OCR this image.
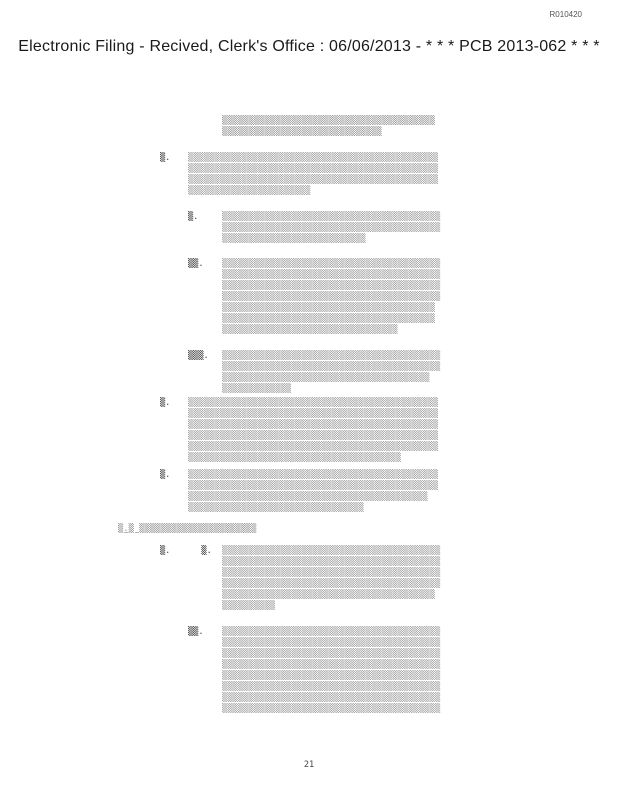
R010420
Electronic Filing - Recived, Clerk's Office : 06/06/2013 - * * * PCB 2013-062 * * *
▒▒▒▒▒▒▒▒▒▒▒▒▒▒▒▒▒▒▒▒▒▒▒▒▒▒▒▒▒▒▒▒▒▒▒▒▒▒▒▒
▒▒▒▒▒▒▒▒▒▒▒▒▒▒▒▒▒▒▒▒▒▒▒▒▒▒▒▒▒▒
▒. ▒▒▒▒▒▒▒▒▒▒▒▒▒▒▒▒▒▒▒▒▒▒▒▒▒▒▒▒▒▒▒▒▒▒▒▒▒▒▒▒▒▒▒▒▒▒▒
▒▒▒▒▒▒▒▒▒▒▒▒▒▒▒▒▒▒▒▒▒▒▒▒▒▒▒▒▒▒▒▒▒▒▒▒▒▒▒▒▒▒▒▒▒▒▒
▒▒▒▒▒▒▒▒▒▒▒▒▒▒▒▒▒▒▒▒▒▒▒▒▒▒▒▒▒▒▒▒▒▒▒▒▒▒▒▒▒▒▒▒▒▒▒
▒▒▒▒▒▒▒▒▒▒▒▒▒▒▒▒▒▒▒▒▒▒▒
▒.	▒▒▒▒▒▒▒▒▒▒▒▒▒▒▒▒▒▒▒▒▒▒▒▒▒▒▒▒▒▒▒▒▒▒▒▒▒▒▒▒▒
▒▒▒▒▒▒▒▒▒▒▒▒▒▒▒▒▒▒▒▒▒▒▒▒▒▒▒▒▒▒▒▒▒▒▒▒▒▒▒▒▒
▒▒▒▒▒▒▒▒▒▒▒▒▒▒▒▒▒▒▒▒▒▒▒▒▒▒▒
▒▒. ▒▒▒▒▒▒▒▒▒▒▒▒▒▒▒▒▒▒▒▒▒▒▒▒▒▒▒▒▒▒▒▒▒▒▒▒▒▒▒▒▒
▒▒▒▒▒▒▒▒▒▒▒▒▒▒▒▒▒▒▒▒▒▒▒▒▒▒▒▒▒▒▒▒▒▒▒▒▒▒▒▒▒
▒▒▒▒▒▒▒▒▒▒▒▒▒▒▒▒▒▒▒▒▒▒▒▒▒▒▒▒▒▒▒▒▒▒▒▒▒▒▒▒▒
▒▒▒▒▒▒▒▒▒▒▒▒▒▒▒▒▒▒▒▒▒▒▒▒▒▒▒▒▒▒▒▒▒▒▒▒▒▒▒▒▒
▒▒▒▒▒▒▒▒▒▒▒▒▒▒▒▒▒▒▒▒▒▒▒▒▒▒▒▒▒▒▒▒▒▒▒▒▒▒▒▒
▒▒▒▒▒▒▒▒▒▒▒▒▒▒▒▒▒▒▒▒▒▒▒▒▒▒▒▒▒▒▒▒▒▒▒▒▒▒▒▒
▒▒▒▒▒▒▒▒▒▒▒▒▒▒▒▒▒▒▒▒▒▒▒▒▒▒▒▒▒▒▒▒▒
▒▒▒. ▒▒▒▒▒▒▒▒▒▒▒▒▒▒▒▒▒▒▒▒▒▒▒▒▒▒▒▒▒▒▒▒▒▒▒▒▒▒▒▒▒
▒▒▒▒▒▒▒▒▒▒▒▒▒▒▒▒▒▒▒▒▒▒▒▒▒▒▒▒▒▒▒▒▒▒▒▒▒▒▒▒▒
▒▒▒▒▒▒▒▒▒▒▒▒▒▒▒▒▒▒▒▒▒▒▒▒▒▒▒▒▒▒▒▒▒▒▒▒▒▒▒
▒▒▒▒▒▒▒▒▒▒▒▒▒
▒. ▒▒▒▒▒▒▒▒▒▒▒▒▒▒▒▒▒▒▒▒▒▒▒▒▒▒▒▒▒▒▒▒▒▒▒▒▒▒▒▒▒▒▒▒▒▒▒
▒▒▒▒▒▒▒▒▒▒▒▒▒▒▒▒▒▒▒▒▒▒▒▒▒▒▒▒▒▒▒▒▒▒▒▒▒▒▒▒▒▒▒▒▒▒▒
▒▒▒▒▒▒▒▒▒▒▒▒▒▒▒▒▒▒▒▒▒▒▒▒▒▒▒▒▒▒▒▒▒▒▒▒▒▒▒▒▒▒▒▒▒▒▒
▒▒▒▒▒▒▒▒▒▒▒▒▒▒▒▒▒▒▒▒▒▒▒▒▒▒▒▒▒▒▒▒▒▒▒▒▒▒▒▒▒▒▒▒▒▒▒
▒▒▒▒▒▒▒▒▒▒▒▒▒▒▒▒▒▒▒▒▒▒▒▒▒▒▒▒▒▒▒▒▒▒▒▒▒▒▒▒▒▒▒▒▒▒▒
▒▒▒▒▒▒▒▒▒▒▒▒▒▒▒▒▒▒▒▒▒▒▒▒▒▒▒▒▒▒▒▒▒▒▒▒▒▒▒▒
▒. ▒▒▒▒▒▒▒▒▒▒▒▒▒▒▒▒▒▒▒▒▒▒▒▒▒▒▒▒▒▒▒▒▒▒▒▒▒▒▒▒▒▒▒▒▒▒▒
▒▒▒▒▒▒▒▒▒▒▒▒▒▒▒▒▒▒▒▒▒▒▒▒▒▒▒▒▒▒▒▒▒▒▒▒▒▒▒▒▒▒▒▒▒▒▒
▒▒▒▒▒▒▒▒▒▒▒▒▒▒▒▒▒▒▒▒▒▒▒▒▒▒▒▒▒▒▒▒▒▒▒▒▒▒▒▒▒▒▒▒▒
▒▒▒▒▒▒▒▒▒▒▒▒▒▒▒▒▒▒▒▒▒▒▒▒▒▒▒▒▒▒▒▒▒
▒.▒ ▒▒▒▒▒▒▒▒▒▒▒▒▒▒▒▒▒▒▒▒▒▒
▒.      ▒. ▒▒▒▒▒▒▒▒▒▒▒▒▒▒▒▒▒▒▒▒▒▒▒▒▒▒▒▒▒▒▒▒▒▒▒▒▒▒▒▒▒
▒▒▒▒▒▒▒▒▒▒▒▒▒▒▒▒▒▒▒▒▒▒▒▒▒▒▒▒▒▒▒▒▒▒▒▒▒▒▒▒▒
▒▒▒▒▒▒▒▒▒▒▒▒▒▒▒▒▒▒▒▒▒▒▒▒▒▒▒▒▒▒▒▒▒▒▒▒▒▒▒▒▒
▒▒▒▒▒▒▒▒▒▒▒▒▒▒▒▒▒▒▒▒▒▒▒▒▒▒▒▒▒▒▒▒▒▒▒▒▒▒▒▒▒
▒▒▒▒▒▒▒▒▒▒▒▒▒▒▒▒▒▒▒▒▒▒▒▒▒▒▒▒▒▒▒▒▒▒▒▒▒▒▒▒
▒▒▒▒▒▒▒▒▒▒
▒▒. ▒▒▒▒▒▒▒▒▒▒▒▒▒▒▒▒▒▒▒▒▒▒▒▒▒▒▒▒▒▒▒▒▒▒▒▒▒▒▒▒▒
▒▒▒▒▒▒▒▒▒▒▒▒▒▒▒▒▒▒▒▒▒▒▒▒▒▒▒▒▒▒▒▒▒▒▒▒▒▒▒▒▒
▒▒▒▒▒▒▒▒▒▒▒▒▒▒▒▒▒▒▒▒▒▒▒▒▒▒▒▒▒▒▒▒▒▒▒▒▒▒▒▒▒
▒▒▒▒▒▒▒▒▒▒▒▒▒▒▒▒▒▒▒▒▒▒▒▒▒▒▒▒▒▒▒▒▒▒▒▒▒▒▒▒▒
▒▒▒▒▒▒▒▒▒▒▒▒▒▒▒▒▒▒▒▒▒▒▒▒▒▒▒▒▒▒▒▒▒▒▒▒▒▒▒▒▒
▒▒▒▒▒▒▒▒▒▒▒▒▒▒▒▒▒▒▒▒▒▒▒▒▒▒▒▒▒▒▒▒▒▒▒▒▒▒▒▒▒
▒▒▒▒▒▒▒▒▒▒▒▒▒▒▒▒▒▒▒▒▒▒▒▒▒▒▒▒▒▒▒▒▒▒▒▒▒▒▒▒▒
▒▒▒▒▒▒▒▒▒▒▒▒▒▒▒▒▒▒▒▒▒▒▒▒▒▒▒▒▒▒▒▒▒▒▒▒▒▒▒▒▒
21
